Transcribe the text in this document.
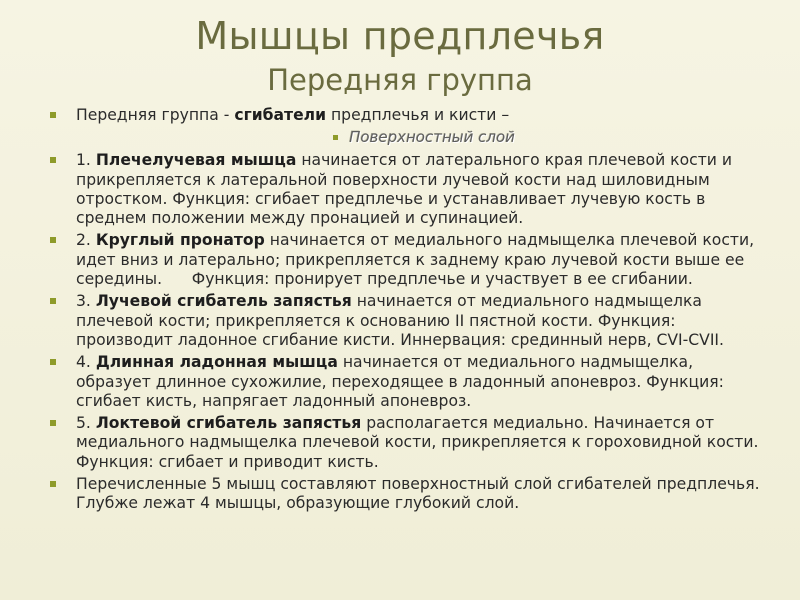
Мышцы предплечья
Передняя группа
Передняя группа - сгибатели предплечья и кисти –
Поверхностный слой
1. Плечелучевая мышца начинается от латерального края плечевой кости и прикрепляется к латеральной поверхности лучевой кости над шиловидным отростком. Функция: сгибает предплечье и устанавливает лучевую кость в среднем положении между пронацией и супинацией.
2. Круглый пронатор начинается от медиального надмыщелка плечевой кости, идет вниз и латерально; прикрепляется к заднему краю лучевой кости выше ее середины.      Функция: пронирует предплечье и участвует в ее сгибании.
3. Лучевой сгибатель запястья начинается от медиального надмыщелка плечевой кости; прикрепляется к основанию II пястной кости. Функция: производит ладонное сгибание кисти. Иннервация: срединный нерв, CVI-CVII.
4. Длинная ладонная мышца начинается от медиального надмыщелка, образует длинное сухожилие, переходящее в ладонный апоневроз. Функция: сгибает кисть, напрягает ладонный апоневроз.
5. Локтевой сгибатель запястья располагается медиально. Начинается от медиального надмыщелка плечевой кости, прикрепляется к гороховидной кости. Функция: сгибает и приводит кисть.
Перечисленные 5 мышц составляют поверхностный слой сгибателей предплечья. Глубже лежат 4 мышцы, образующие глубокий слой.
